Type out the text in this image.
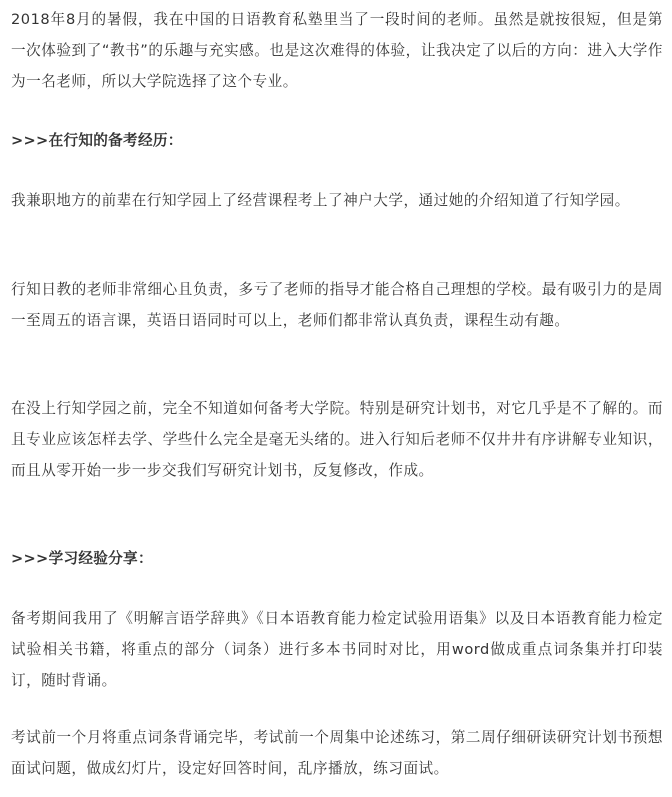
2018年8月的暑假，我在中国的日语教育私塾里当了一段时间的老师。虽然是就按很短，但是第一次体验到了“教书”的乐趣与充实感。也是这次难得的体验，让我决定了以后的方向：进入大学作为一名老师，所以大学院选择了这个专业。

>>>在行知的备考经历：

我兼职地方的前辈在行知学园上了经营课程考上了神户大学，通过她的介绍知道了行知学园。

行知日教的老师非常细心且负责，多亏了老师的指导才能合格自己理想的学校。最有吸引力的是周一至周五的语言课，英语日语同时可以上，老师们都非常认真负责，课程生动有趣。

在没上行知学园之前，完全不知道如何备考大学院。特别是研究计划书，对它几乎是不了解的。而且专业应该怎样去学、学些什么完全是毫无头绪的。进入行知后老师不仅井井有序讲解专业知识，而且从零开始一步一步交我们写研究计划书，反复修改，作成。

>>>学习经验分享：

备考期间我用了《明解言语学辞典》《日本语教育能力检定试验用语集》以及日本语教育能力检定试验相关书籍，将重点的部分（词条）进行多本书同时对比，用word做成重点词条集并打印装订，随时背诵。

考试前一个月将重点词条背诵完毕，考试前一个周集中论述练习，第二周仔细研读研究计划书预想面试问题，做成幻灯片，设定好回答时间，乱序播放，练习面试。
